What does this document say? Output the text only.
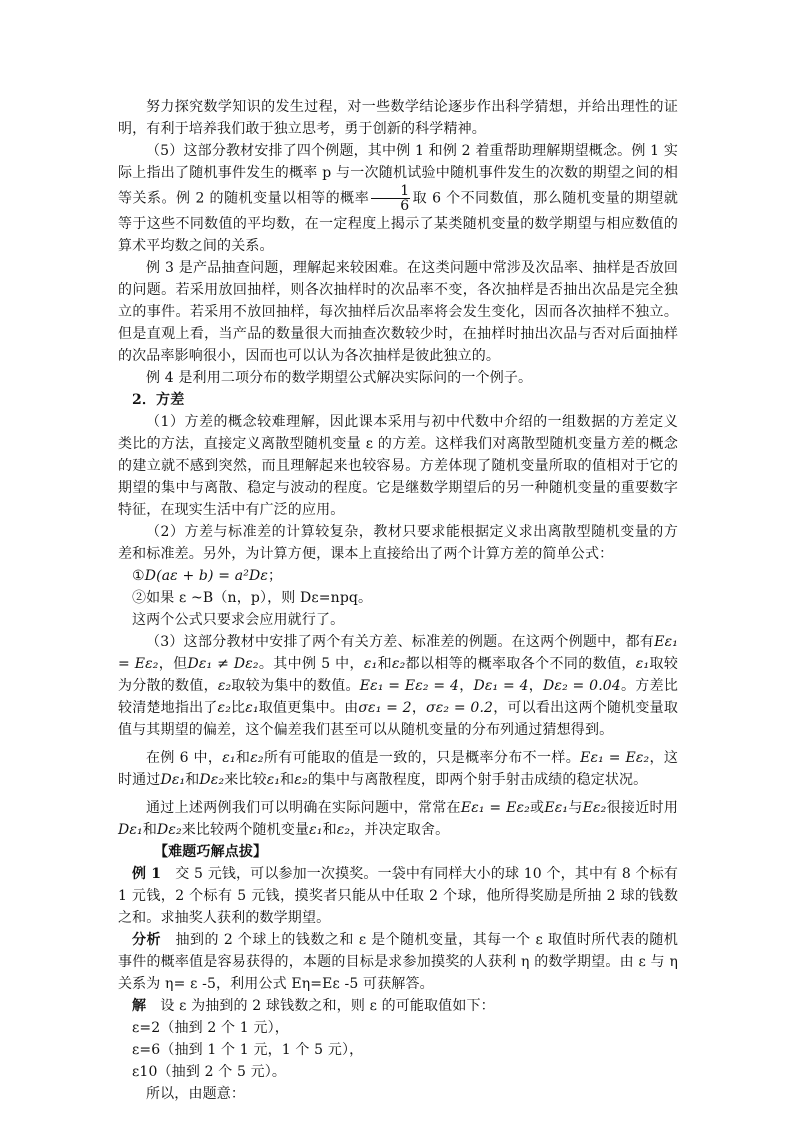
努力探究数学知识的发生过程，对一些数学结论逐步作出科学猜想，并给出理性的证明，有利于培养我们敢于独立思考，勇于创新的科学精神。

（5）这部分教材安排了四个例题，其中例 1 和例 2 着重帮助理解期望概念。例 1 实际上指出了随机事件发生的概率 p 与一次随机试验中随机事件发生的次数的期望之间的相等关系。例 2 的随机变量以相等的概率 $\frac{1}{6}$ 取 6 个不同数值，那么随机变量的期望就等于这些不同数值的平均数，在一定程度上揭示了某类随机变量的数学期望与相应数值的算术平均数之间的关系。

例 3 是产品抽查问题，理解起来较困难。在这类问题中常涉及次品率、抽样是否放回的问题。若采用放回抽样，则各次抽样时的次品率不变，各次抽样是否抽出次品是完全独立的事件。若采用不放回抽样，每次抽样后次品率将会发生变化，因而各次抽样不独立。但是直观上看，当产品的数量很大而抽查次数较少时，在抽样时抽出次品与否对后面抽样的次品率影响很小，因而也可以认为各次抽样是彼此独立的。

例 4 是利用二项分布的数学期望公式解决实际问的一个例子。

2．方差

（1）方差的概念较难理解，因此课本采用与初中代数中介绍的一组数据的方差定义类比的方法，直接定义离散型随机变量 ε 的方差。这样我们对离散型随机变量方差的概念的建立就不感到突然，而且理解起来也较容易。方差体现了随机变量所取的值相对于它的期望的集中与离散、稳定与波动的程度。它是继数学期望后的另一种随机变量的重要数字特征，在现实生活中有广泛的应用。

（2）方差与标准差的计算较复杂，教材只要求能根据定义求出离散型随机变量的方差和标准差。另外，为计算方便，课本上直接给出了两个计算方差的简单公式：

①D(aε + b) = a²Dε；

②如果 ε ~B（n，p），则 Dε=npq。

这两个公式只要求会应用就行了。

（3）这部分教材中安排了两个有关方差、标准差的例题。在这两个例题中，都有Eε₁ = Eε₂，但Dε₁ ≠ Dε₂。其中例 5 中，ε₁和ε₂都以相等的概率取各个不同的数值，ε₁取较为分散的数值，ε₂取较为集中的数值。Eε₁ = Eε₂ = 4，Dε₁ = 4，Dε₂ = 0.04。方差比较清楚地指出了ε₂比ε₁取值更集中。由σε₁ = 2，σε₂ = 0.2，可以看出这两个随机变量取值与其期望的偏差，这个偏差我们甚至可以从随机变量的分布列通过猜想得到。

在例 6 中，ε₁和ε₂所有可能取的值是一致的，只是概率分布不一样。Eε₁ = Eε₂，这时通过Dε₁和Dε₂来比较ε₁和ε₂的集中与离散程度，即两个射手射击成绩的稳定状况。

通过上述两例我们可以明确在实际问题中，常常在Eε₁ = Eε₂或Eε₁与Eε₂很接近时用Dε₁和Dε₂来比较两个随机变量ε₁和ε₂，并决定取舍。

【难题巧解点拔】

例 1　 交 5 元钱，可以参加一次摸奖。一袋中有同样大小的球 10 个，其中有 8 个标有 1 元钱，2 个标有 5 元钱，摸奖者只能从中任取 2 个球，他所得奖励是所抽 2 球的钱数之和。求抽奖人获利的数学期望。

分析　 抽到的 2 个球上的钱数之和 ε 是个随机变量，其每一个 ε 取值时所代表的随机事件的概率值是容易获得的，本题的目标是求参加摸奖的人获利 η 的数学期望。由 ε 与 η 关系为 η= ε -5，利用公式 Eη=Eε -5 可获解答。

解　 设 ε 为抽到的 2 球钱数之和，则 ε 的可能取值如下：

ε=2（抽到 2 个 1 元），

ε=6（抽到 1 个 1 元，1 个 5 元），

ε10（抽到 2 个 5 元）。

所以，由题意：
